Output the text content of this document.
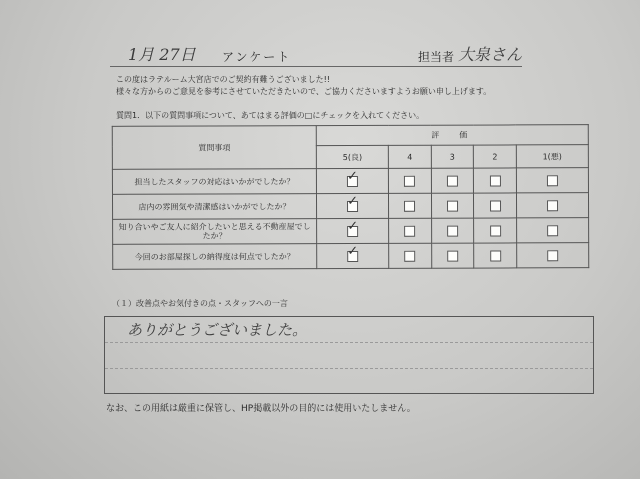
1月 27日 アンケート	担当者 大泉さん
この度はラテルーム大宮店でのご契約有難うございました!!
様々な方からのご意見を参考にさせていただきたいので、ご協力くださいますようお願い申し上げます。
質問1．以下の質問事項について、あてはまる評価の□にチェックを入れてください。
質問事項	評　価				
	5(良)	4	3	2	1(悪)
担当したスタッフの対応はいかがでしたか？	✓				
店内の雰囲気や清潔感はいかがでしたか？	✓				
知り合いやご友人に紹介したいと思える不動産屋でしたか？	✓				
今回のお部屋探しの納得度は何点でしたか？	✓				
（１）改善点やお気付きの点・スタッフへの一言
ありがとうございました。
なお、この用紙は厳重に保管し、HP掲載以外の目的には使用いたしません。
